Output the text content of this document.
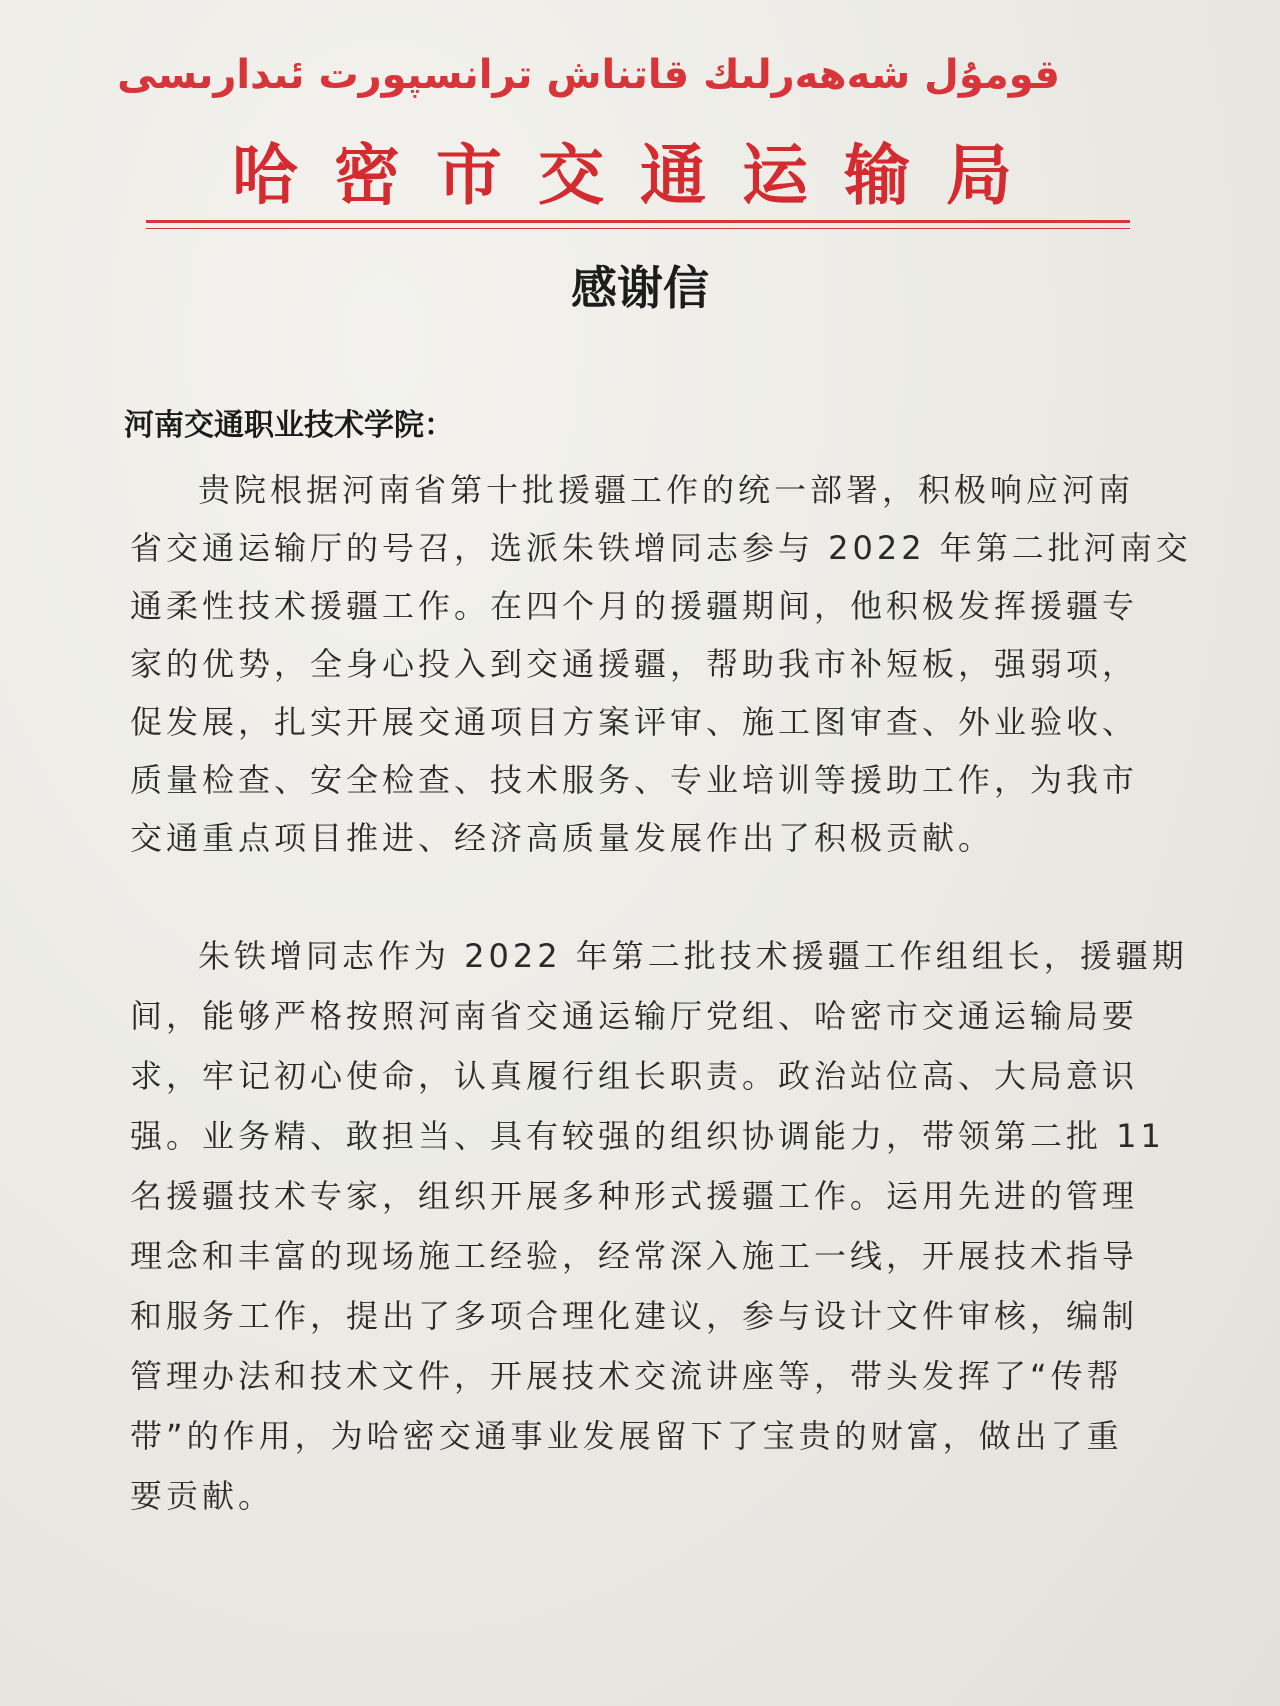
قومۇل شەھەرلىك قاتناش ترانسپورت ئىدارىسى
哈密市交通运输局
感谢信
河南交通职业技术学院：
贵院根据河南省第十批援疆工作的统一部署，积极响应河南
省交通运输厅的号召，选派朱铁增同志参与 2022 年第二批河南交
通柔性技术援疆工作。在四个月的援疆期间，他积极发挥援疆专
家的优势，全身心投入到交通援疆，帮助我市补短板，强弱项，
促发展，扎实开展交通项目方案评审、施工图审查、外业验收、
质量检查、安全检查、技术服务、专业培训等援助工作，为我市
交通重点项目推进、经济高质量发展作出了积极贡献。
朱铁增同志作为 2022 年第二批技术援疆工作组组长，援疆期
间，能够严格按照河南省交通运输厅党组、哈密市交通运输局要
求，牢记初心使命，认真履行组长职责。政治站位高、大局意识
强。业务精、敢担当、具有较强的组织协调能力，带领第二批 11
名援疆技术专家，组织开展多种形式援疆工作。运用先进的管理
理念和丰富的现场施工经验，经常深入施工一线，开展技术指导
和服务工作，提出了多项合理化建议，参与设计文件审核，编制
管理办法和技术文件，开展技术交流讲座等，带头发挥了“传帮
带”的作用，为哈密交通事业发展留下了宝贵的财富，做出了重
要贡献。
